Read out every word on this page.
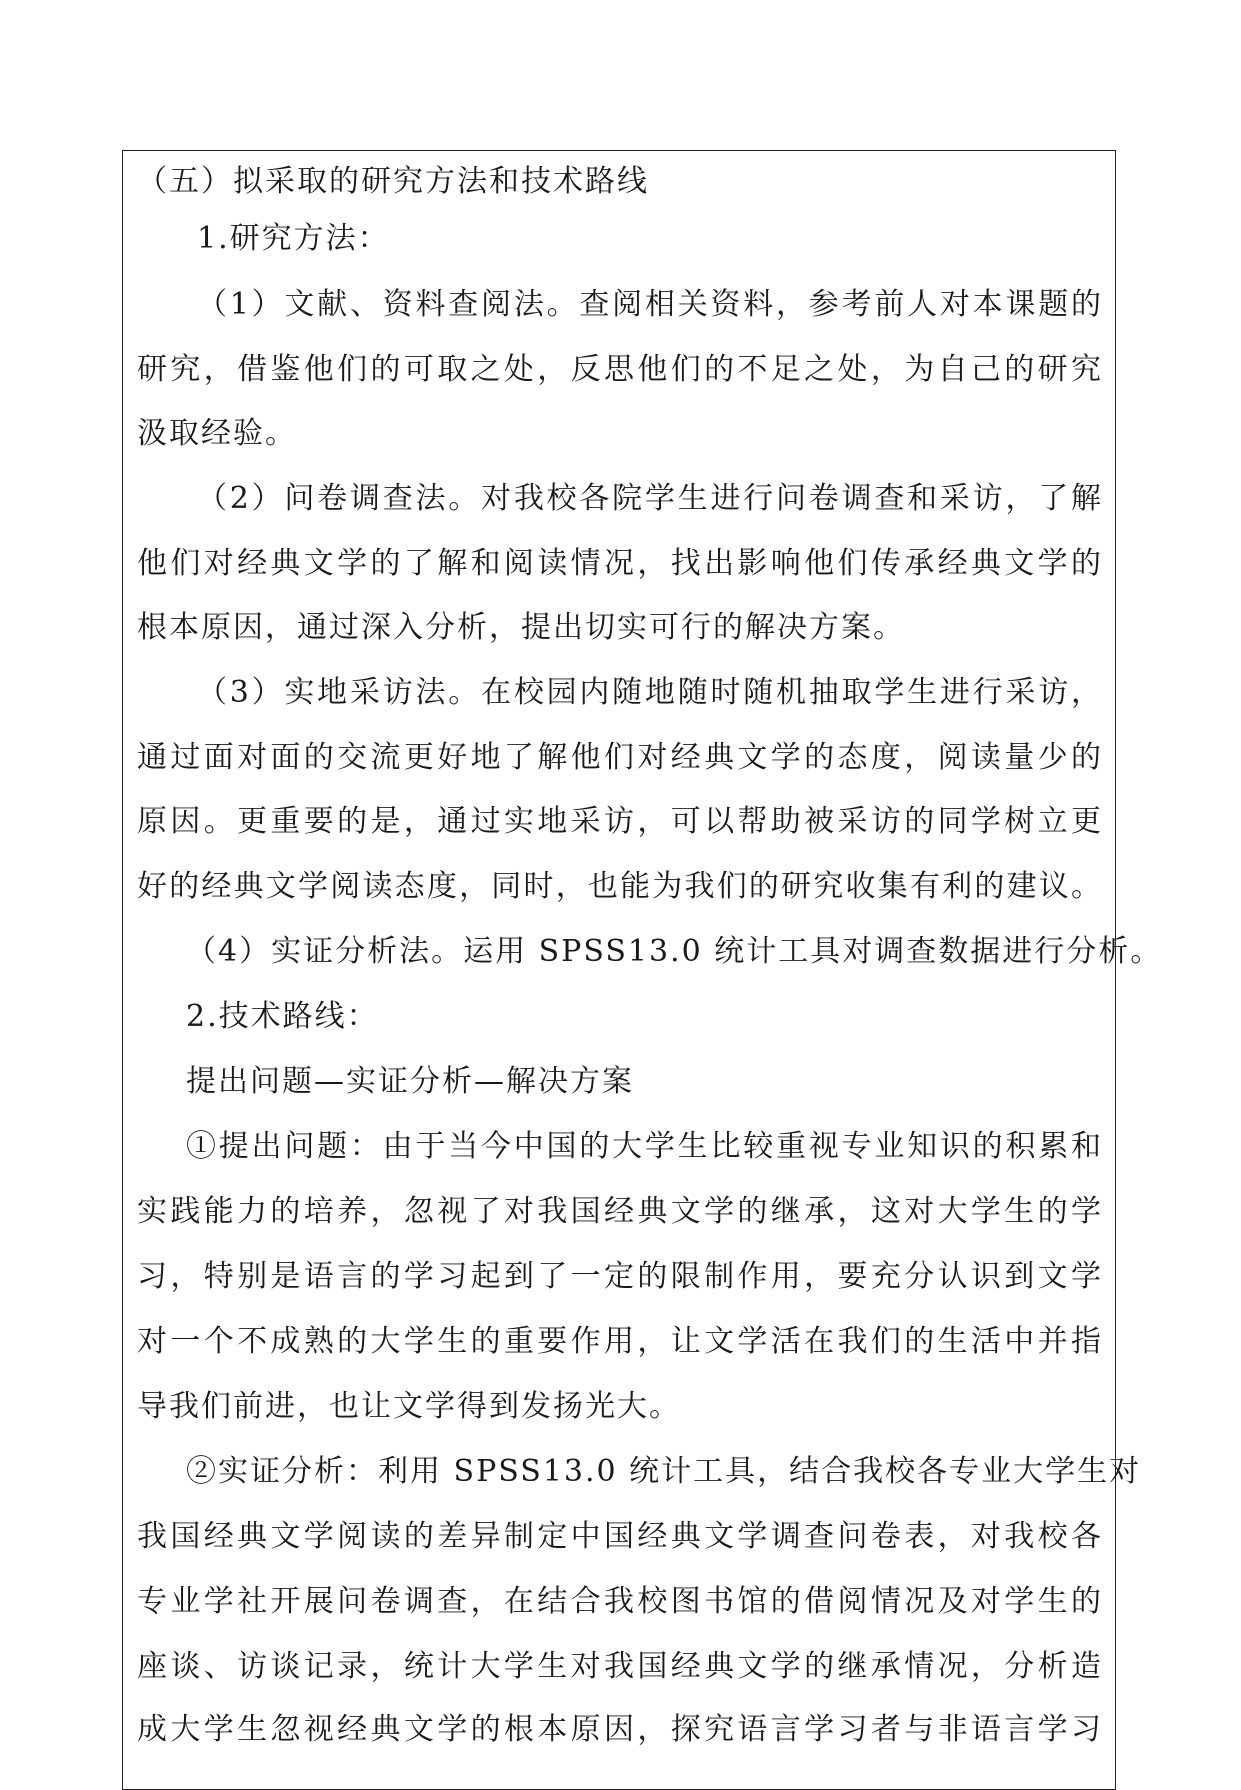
（五）拟采取的研究方法和技术路线
1.研究方法：
（1）文献、资料查阅法。查阅相关资料，参考前人对本课题的
研究，借鉴他们的可取之处，反思他们的不足之处，为自己的研究
汲取经验。
（2）问卷调查法。对我校各院学生进行问卷调查和采访，了解
他们对经典文学的了解和阅读情况，找出影响他们传承经典文学的
根本原因，通过深入分析，提出切实可行的解决方案。
（3）实地采访法。在校园内随地随时随机抽取学生进行采访，
通过面对面的交流更好地了解他们对经典文学的态度，阅读量少的
原因。更重要的是，通过实地采访，可以帮助被采访的同学树立更
好的经典文学阅读态度，同时，也能为我们的研究收集有利的建议。
（4）实证分析法。运用 SPSS13.0 统计工具对调查数据进行分析。
2.技术路线：
提出问题—实证分析—解决方案
①提出问题：由于当今中国的大学生比较重视专业知识的积累和
实践能力的培养，忽视了对我国经典文学的继承，这对大学生的学
习，特别是语言的学习起到了一定的限制作用，要充分认识到文学
对一个不成熟的大学生的重要作用，让文学活在我们的生活中并指
导我们前进，也让文学得到发扬光大。
②实证分析：利用 SPSS13.0 统计工具，结合我校各专业大学生对
我国经典文学阅读的差异制定中国经典文学调查问卷表，对我校各
专业学社开展问卷调查，在结合我校图书馆的借阅情况及对学生的
座谈、访谈记录，统计大学生对我国经典文学的继承情况，分析造
成大学生忽视经典文学的根本原因，探究语言学习者与非语言学习
